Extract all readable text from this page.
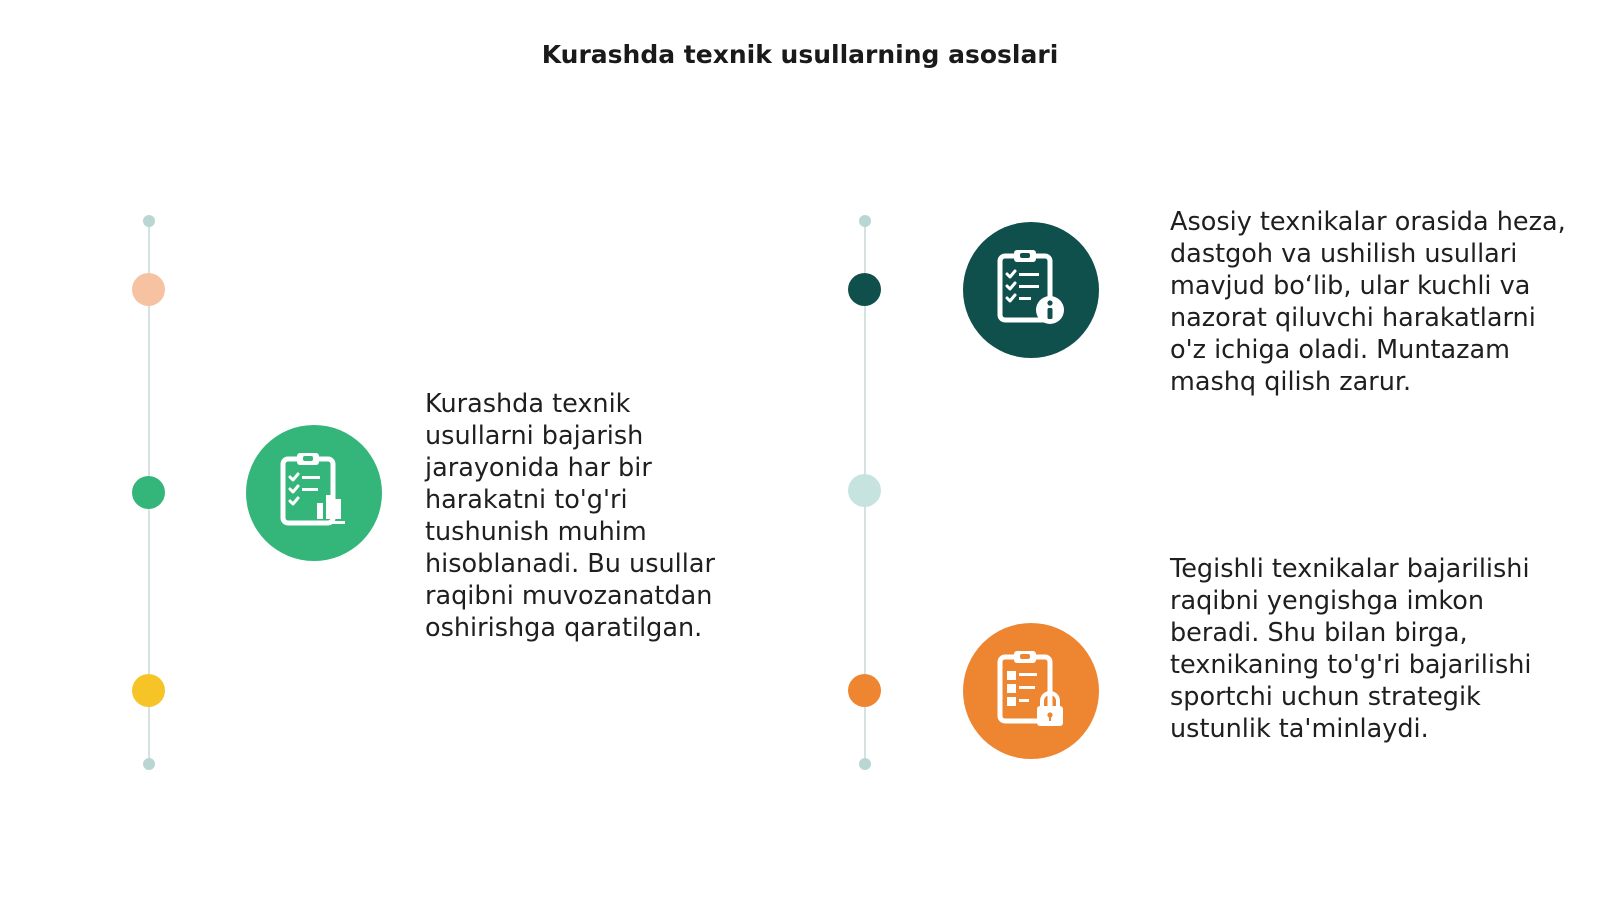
Kurashda texnik usullarning asoslari
Kurashda texnik usullarni bajarish jarayonida har bir harakatni to'g'ri tushunish muhim hisoblanadi. Bu usullar raqibni muvozanatdan oshirishga qaratilgan.
Asosiy texnikalar orasida heza, dastgoh va ushilish usullari mavjud bo‘lib, ular kuchli va nazorat qiluvchi harakatlarni o'z ichiga oladi. Muntazam mashq qilish zarur.
Tegishli texnikalar bajarilishi raqibni yengishga imkon beradi. Shu bilan birga, texnikaning to'g'ri bajarilishi sportchi uchun strategik ustunlik ta'minlaydi.
